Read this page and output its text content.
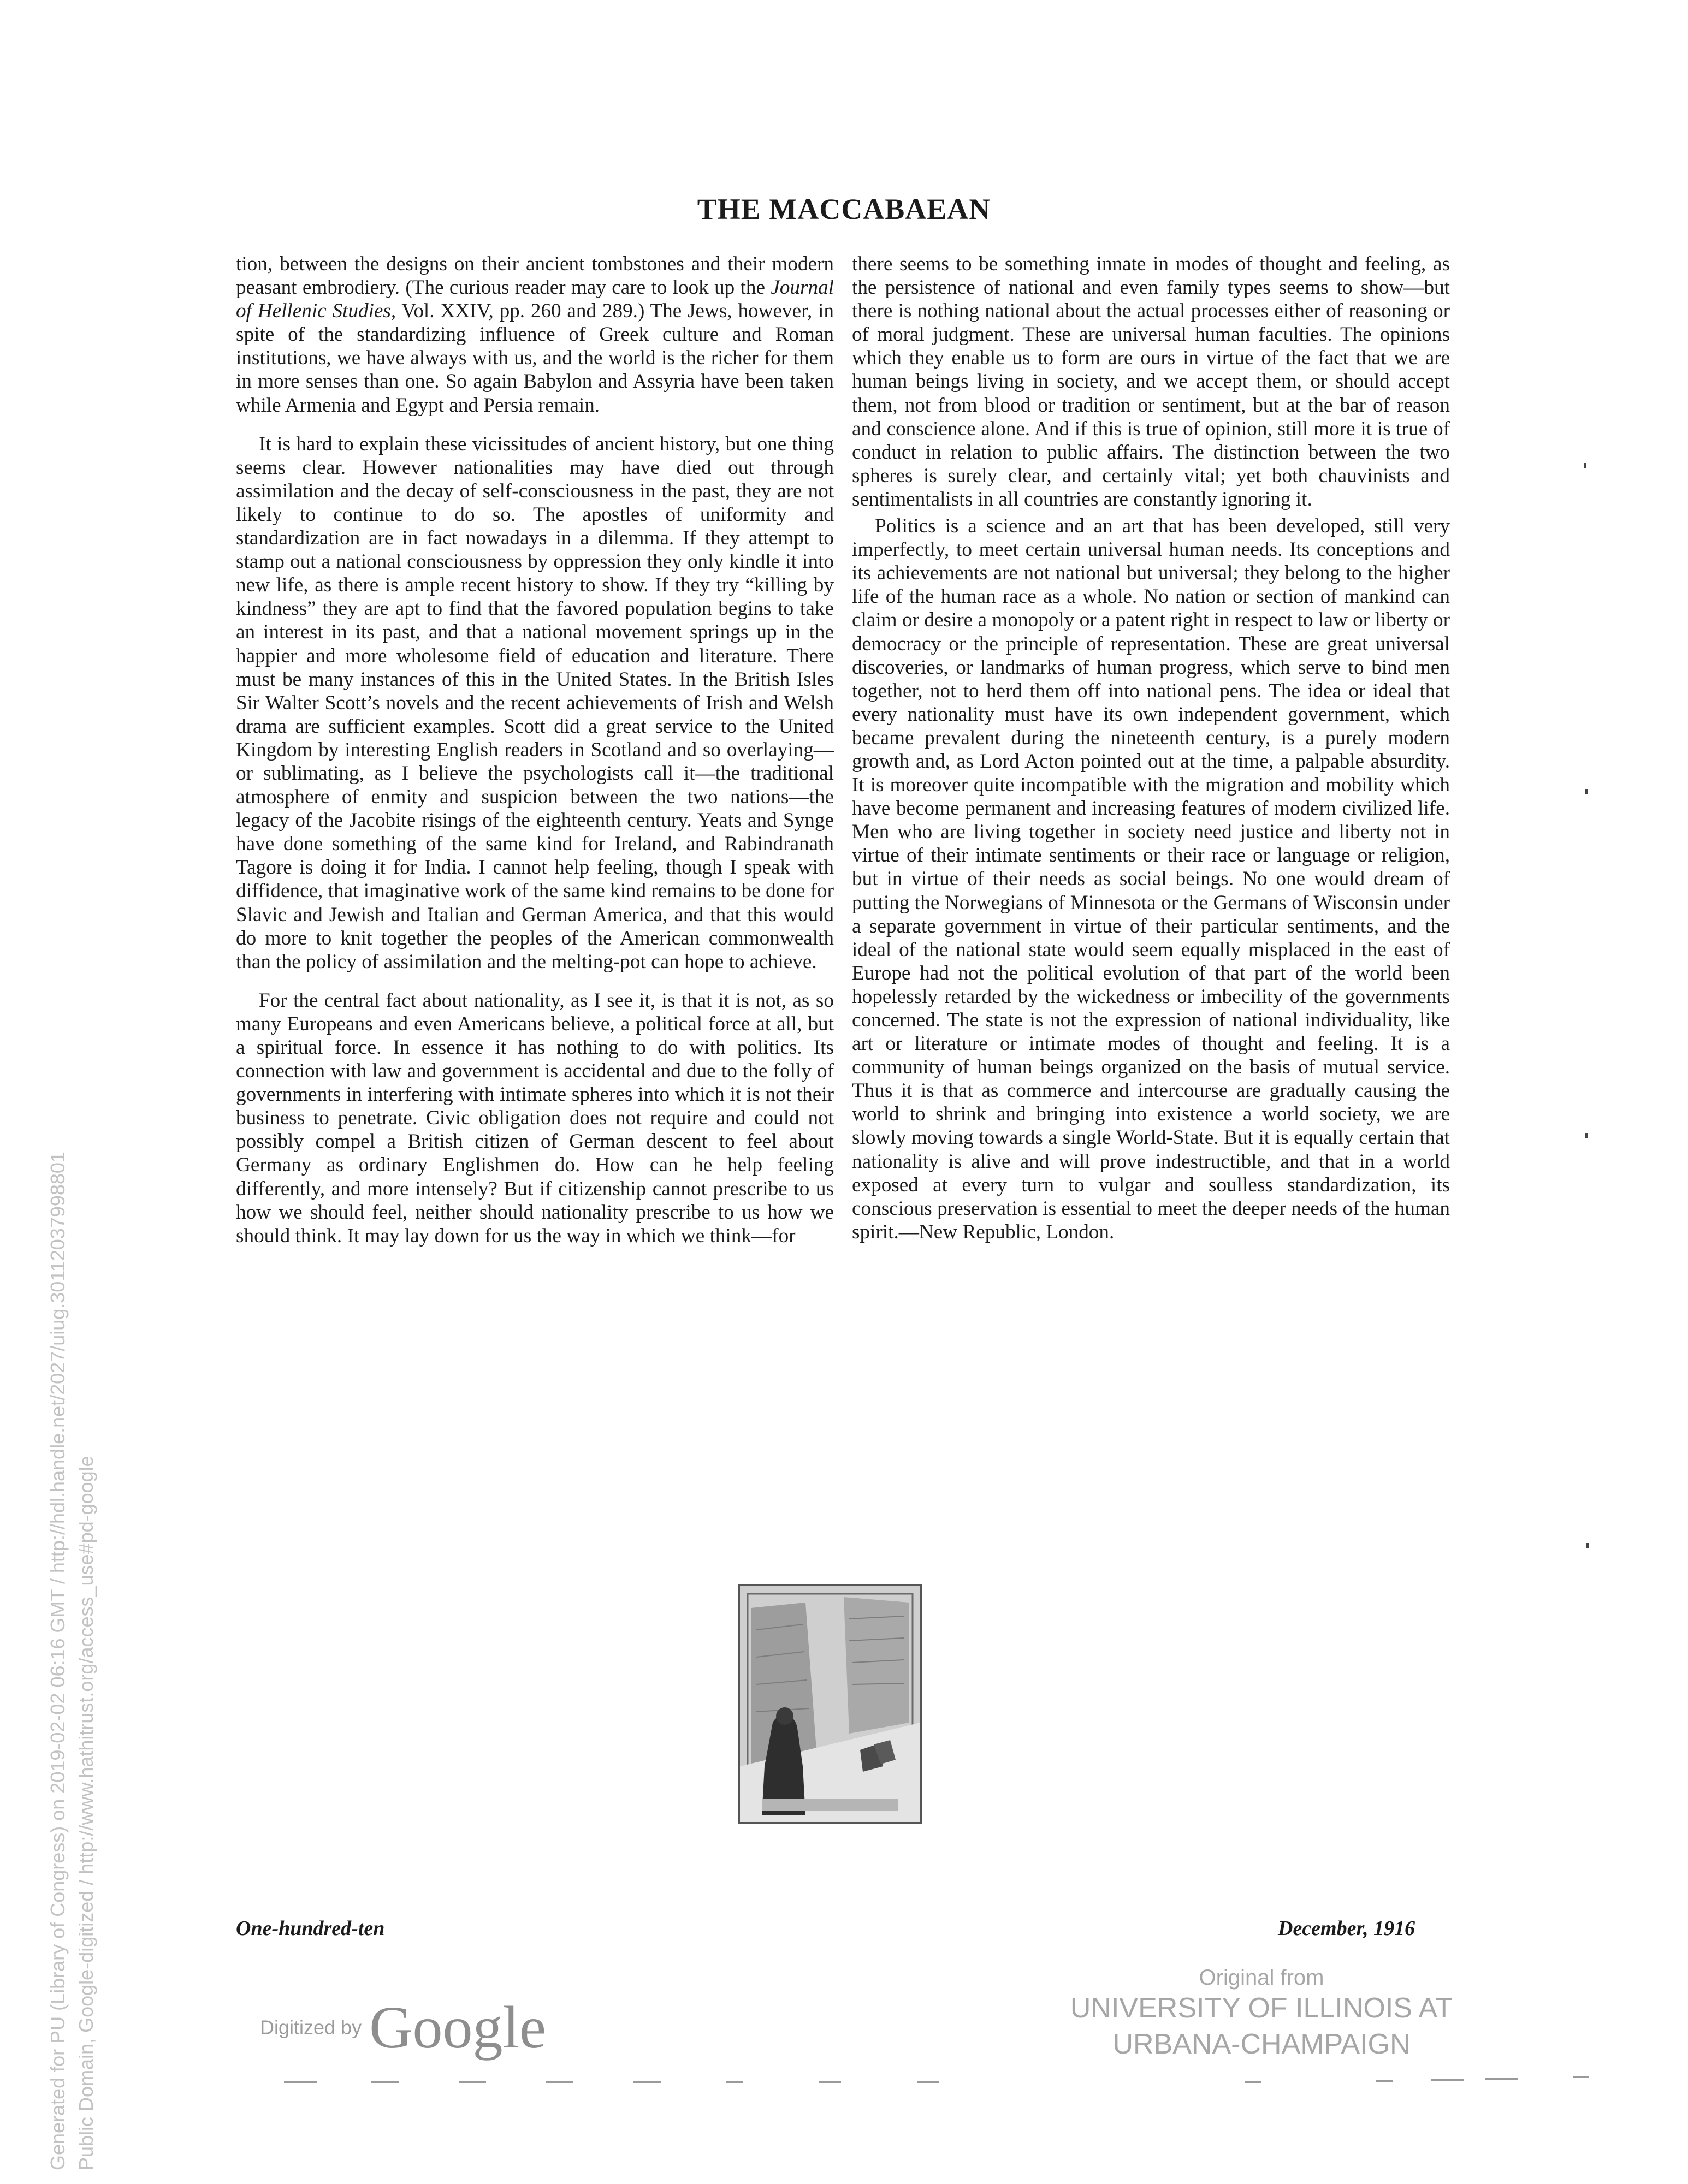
THE MACCABAEAN

tion, between the designs on their ancient tombstones and their modern peasant embrodiery. (The curious reader may care to look up the Journal of Hellenic Studies, Vol. XXIV, pp. 260 and 289.) The Jews, however, in spite of the standardizing influence of Greek culture and Roman institutions, we have always with us, and the world is the richer for them in more senses than one. So again Babylon and Assyria have been taken while Armenia and Egypt and Persia remain.

It is hard to explain these vicissitudes of ancient history, but one thing seems clear. However nationalities may have died out through assimilation and the decay of self-consciousness in the past, they are not likely to continue to do so. The apostles of uniformity and standardization are in fact nowadays in a dilemma. If they attempt to stamp out a national consciousness by oppression they only kindle it into new life, as there is ample recent history to show. If they try “killing by kindness” they are apt to find that the favored population begins to take an interest in its past, and that a national movement springs up in the happier and more wholesome field of education and literature. There must be many instances of this in the United States. In the British Isles Sir Walter Scott’s novels and the recent achievements of Irish and Welsh drama are sufficient examples. Scott did a great service to the United Kingdom by interesting English readers in Scotland and so overlaying—or sublimating, as I believe the psychologists call it—the traditional atmosphere of enmity and suspicion between the two nations—the legacy of the Jacobite risings of the eighteenth century. Yeats and Synge have done something of the same kind for Ireland, and Rabindranath Tagore is doing it for India. I cannot help feeling, though I speak with diffidence, that imaginative work of the same kind remains to be done for Slavic and Jewish and Italian and German America, and that this would do more to knit together the peoples of the American commonwealth than the policy of assimilation and the melting-pot can hope to achieve.

For the central fact about nationality, as I see it, is that it is not, as so many Europeans and even Americans believe, a political force at all, but a spiritual force. In essence it has nothing to do with politics. Its connection with law and government is accidental and due to the folly of governments in interfering with intimate spheres into which it is not their business to penetrate. Civic obligation does not require and could not possibly compel a British citizen of German descent to feel about Germany as ordinary Englishmen do. How can he help feeling differently, and more intensely? But if citizenship cannot prescribe to us how we should feel, neither should nationality prescribe to us how we should think. It may lay down for us the way in which we think—for

there seems to be something innate in modes of thought and feeling, as the persistence of national and even family types seems to show—but there is nothing national about the actual processes either of reasoning or of moral judgment. These are universal human faculties. The opinions which they enable us to form are ours in virtue of the fact that we are human beings living in society, and we accept them, or should accept them, not from blood or tradition or sentiment, but at the bar of reason and conscience alone. And if this is true of opinion, still more it is true of conduct in relation to public affairs. The distinction between the two spheres is surely clear, and certainly vital; yet both chauvinists and sentimentalists in all countries are constantly ignoring it.

Politics is a science and an art that has been developed, still very imperfectly, to meet certain universal human needs. Its conceptions and its achievements are not national but universal; they belong to the higher life of the human race as a whole. No nation or section of mankind can claim or desire a monopoly or a patent right in respect to law or liberty or democracy or the principle of representation. These are great universal discoveries, or landmarks of human progress, which serve to bind men together, not to herd them off into national pens. The idea or ideal that every nationality must have its own independent government, which became prevalent during the nineteenth century, is a purely modern growth and, as Lord Acton pointed out at the time, a palpable absurdity. It is moreover quite incompatible with the migration and mobility which have become permanent and increasing features of modern civilized life. Men who are living together in society need justice and liberty not in virtue of their intimate sentiments or their race or language or religion, but in virtue of their needs as social beings. No one would dream of putting the Norwegians of Minnesota or the Germans of Wisconsin under a separate government in virtue of their particular sentiments, and the ideal of the national state would seem equally misplaced in the east of Europe had not the political evolution of that part of the world been hopelessly retarded by the wickedness or imbecility of the governments concerned. The state is not the expression of national individuality, like art or literature or intimate modes of thought and feeling. It is a community of human beings organized on the basis of mutual service. Thus it is that as commerce and intercourse are gradually causing the world to shrink and bringing into existence a world society, we are slowly moving towards a single World-State. But it is equally certain that nationality is alive and will prove indestructible, and that in a world exposed at every turn to vulgar and soulless standardization, its conscious preservation is essential to meet the deeper needs of the human spirit.—New Republic, London.

One-hundred-ten	December, 1916
Generated for PU (Library of Congress) on 2019-02-02 06:16 GMT / http://hdl.handle.net/2027/uiug.30112037998801 Public Domain, Google-digitized / http://www.hathitrust.org/access_use#pd-google	Digitized by Google
Original from
UNIVERSITY OF ILLINOIS AT
URBANA-CHAMPAIGN
